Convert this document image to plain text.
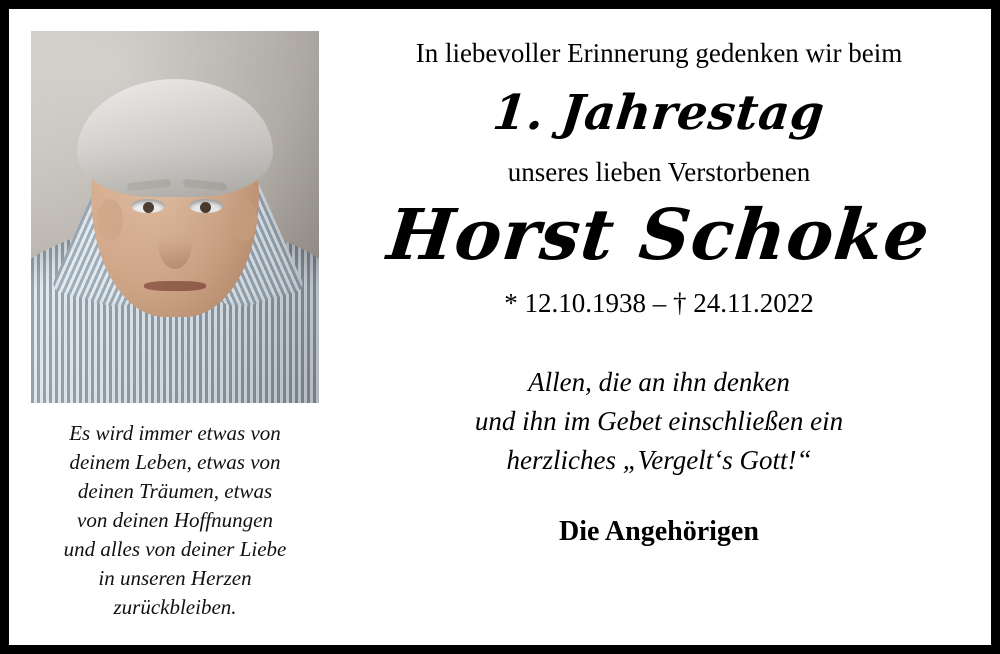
Es wird immer etwas von
deinem Leben, etwas von
deinen Träumen, etwas
von deinen Hoffnungen
und alles von deiner Liebe
in unseren Herzen
zurückbleiben.
In liebevoller Erinnerung gedenken wir beim
1. Jahrestag
unseres lieben Verstorbenen
Horst Schoke
* 12.10.1938 – † 24.11.2022
Allen, die an ihn denken
und ihn im Gebet einschließen ein
herzliches „Vergelt‘s Gott!“
Die Angehörigen
